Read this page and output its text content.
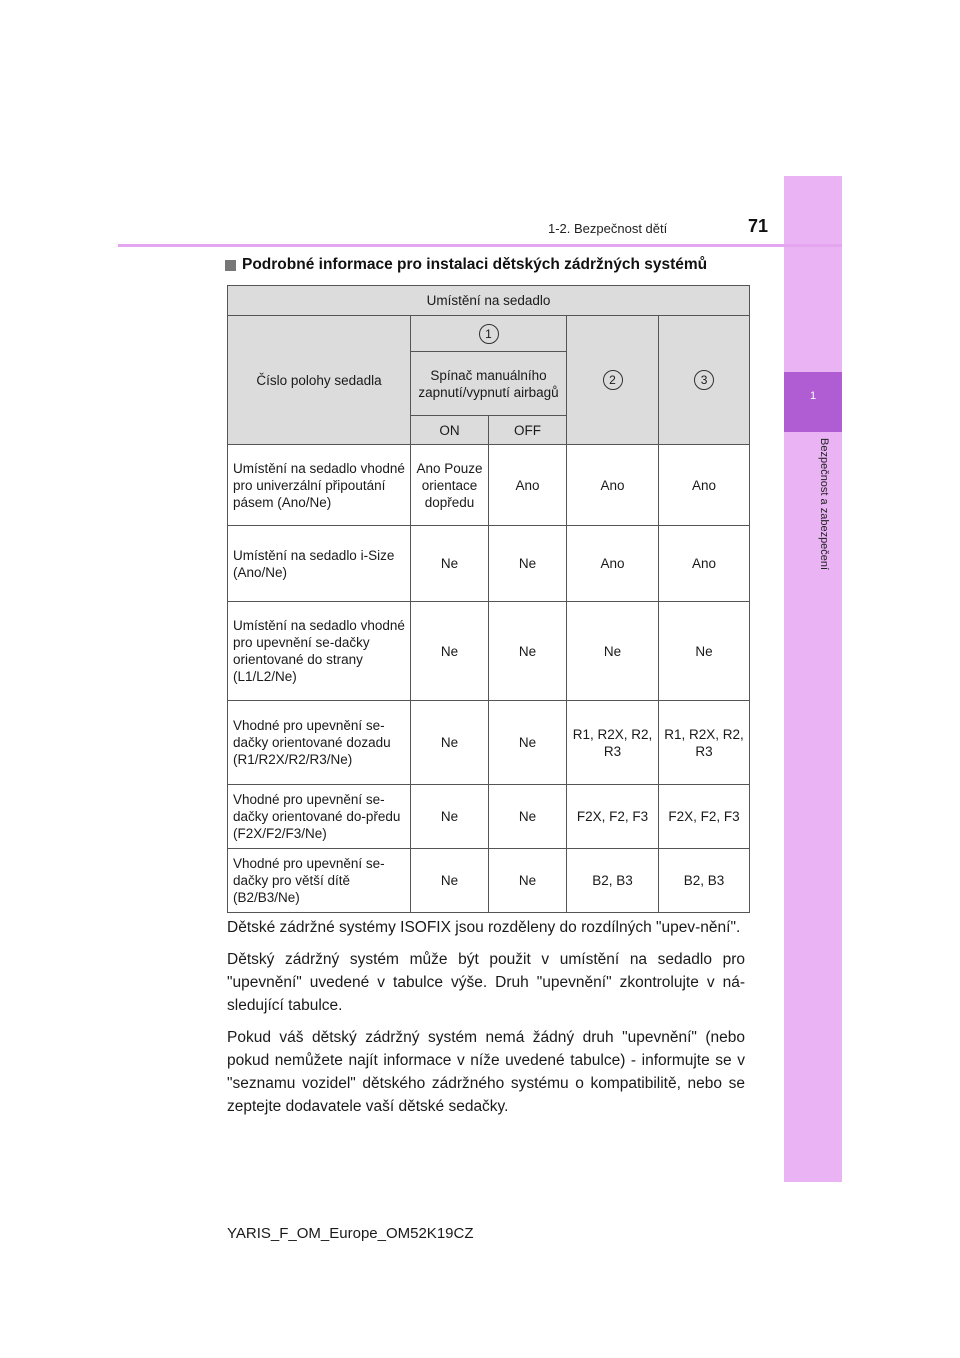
1
Bezpečnost a zabezpečení
1-2. Bezpečnost dětí	71
Podrobné informace pro instalaci dětských zádržných systémů
Umístění na sedadlo				
Číslo polohy sedadla	1		2	3
	Spínač manuálního zapnutí/vypnutí airbagů			
	ON	OFF		
Umístění na sedadlo vhodné pro univerzální připoutání pásem (Ano/Ne)	Ano Pouze orientace dopředu	Ano	Ano	Ano
Umístění na sedadlo i-Size (Ano/Ne)	Ne	Ne	Ano	Ano
Umístění na sedadlo vhodné pro upevnění se-dačky orientované do strany (L1/L2/Ne)	Ne	Ne	Ne	Ne
Vhodné pro upevnění se-dačky orientované dozadu (R1/R2X/R2/R3/Ne)	Ne	Ne	R1, R2X, R2, R3	R1, R2X, R2, R3
Vhodné pro upevnění se-dačky orientované do-předu (F2X/F2/F3/Ne)	Ne	Ne	F2X, F2, F3	F2X, F2, F3
Vhodné pro upevnění se-dačky pro větší dítě (B2/B3/Ne)	Ne	Ne	B2, B3	B2, B3

Dětské zádržné systémy ISOFIX jsou rozděleny do rozdílných "upev-nění".

Dětský zádržný systém může být použit v umístění na sedadlo pro "upevnění" uvedené v tabulce výše. Druh "upevnění" zkontrolujte v ná-sledující tabulce.

Pokud váš dětský zádržný systém nemá žádný druh "upevnění" (nebo pokud nemůžete najít informace v níže uvedené tabulce) - informujte se v "seznamu vozidel" dětského zádržného systému o kompatibilitě, nebo se zeptejte dodavatele vaší dětské sedačky.

YARIS_F_OM_Europe_OM52K19CZ
